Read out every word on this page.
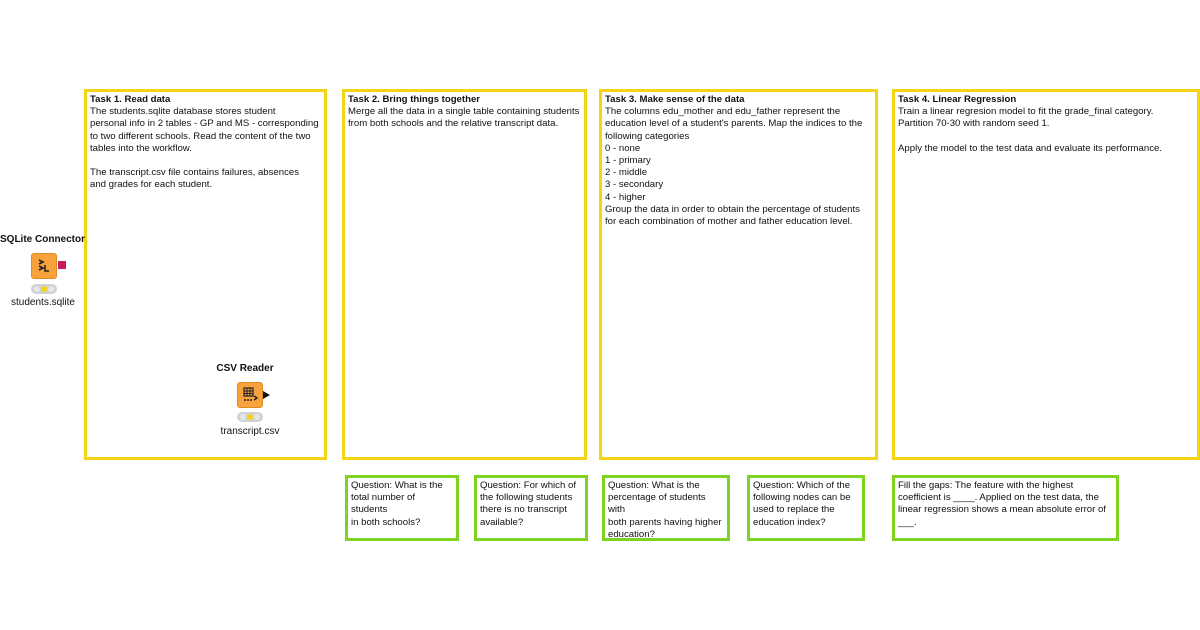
Task 1. Read data
The students.sqlite database stores student
personal info in 2 tables - GP and MS - corresponding
to two different schools. Read the content of the two
tables into the workflow.

The transcript.csv file contains failures, absences
and grades for each student.
Task 2. Bring things together
Merge all the data in a single table containing students
from both schools and the relative transcript data.
Task 3. Make sense of the data
The columns edu_mother and edu_father represent the
education level of a student's parents. Map the indices to the
following categories
0 - none
1 - primary
2 - middle
3 - secondary
4 - higher
Group the data in order to obtain the percentage of students
for each combination of mother and father education level.
Task 4. Linear Regression
Train a linear regresion model to fit the grade_final category.
Partition 70-30 with random seed 1.

Apply the model to the test data and evaluate its performance.
Question: What is the
total number of students
in both schools?
Question: For which of
the following students
there is no transcript
available?
Question: What is the
percentage of students with
both parents having higher
education?
Question: Which of the
following nodes can be
used to replace the
education index?
Fill the gaps: The feature with the highest
coefficient is ____. Applied on the test data, the
linear regression shows a mean absolute error of
___.
SQLite Connector
students.sqlite
CSV Reader
transcript.csv
